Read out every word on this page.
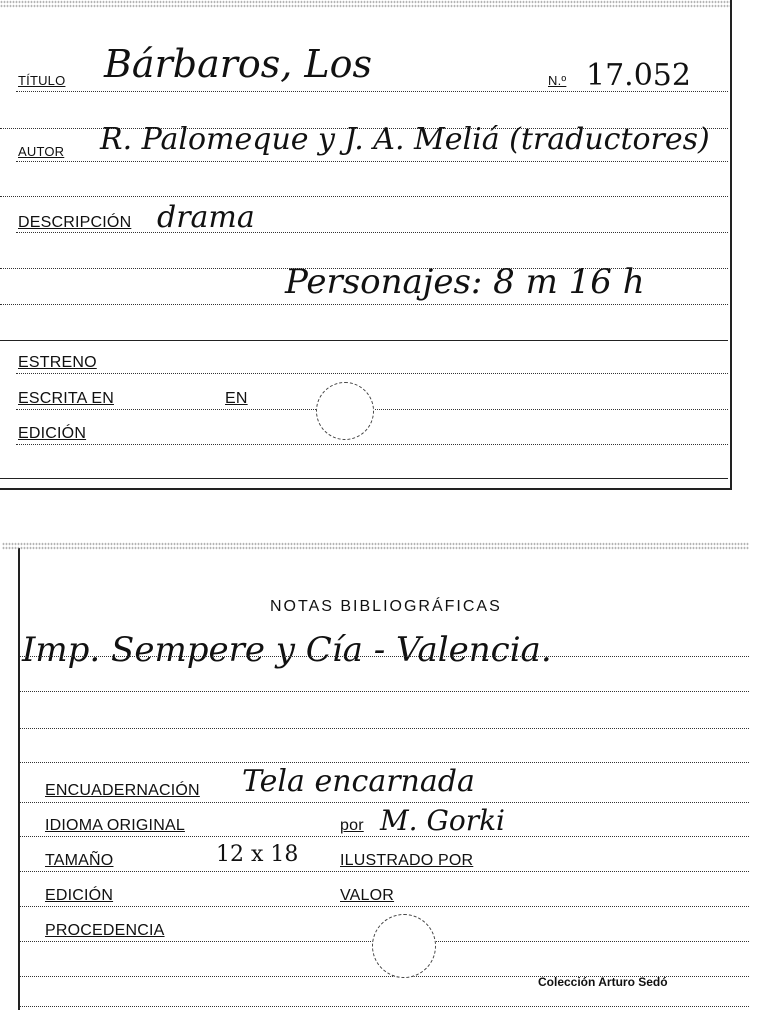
TÍTULO Bárbaros, Los	N.º 17.052
AUTOR R. Palomeque y J. A. Meliá (traductores)
DESCRIPCIÓN drama
Personajes: 8 m 16 h
ESTRENO
ESCRITA EN	EN
EDICIÓN
NOTAS BIBLIOGRÁFICAS
Imp. Sempere y Cía - Valencia.
ENCUADERNACIÓN Tela encarnada
IDIOMA ORIGINAL	por M. Gorki
TAMAÑO	12 x 18	ILUSTRADO POR
EDICIÓN	VALOR
PROCEDENCIA
Colección Arturo Sedó
